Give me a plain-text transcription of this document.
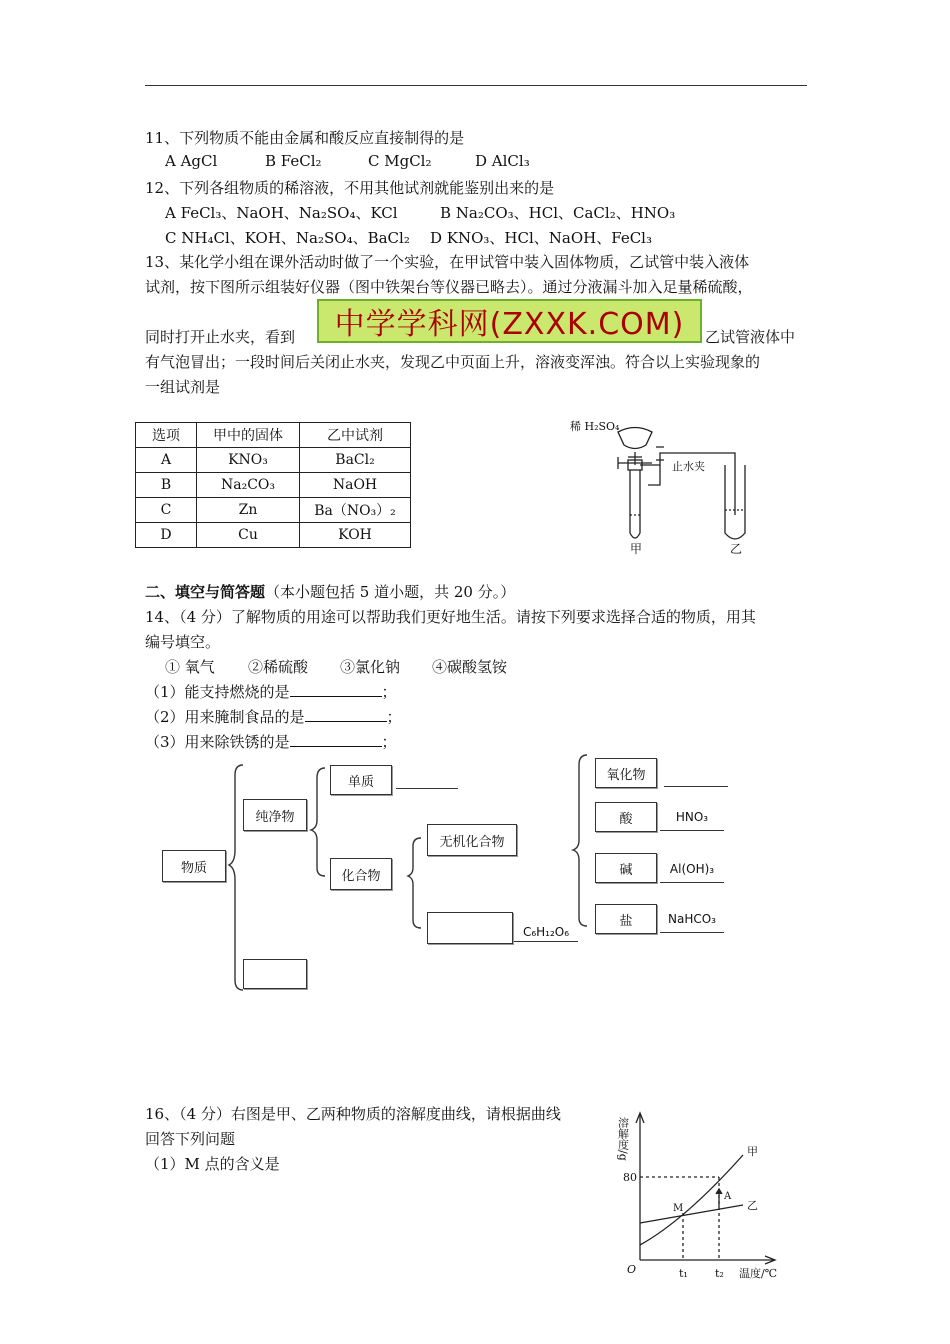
11、下列物质不能由金属和酸反应直接制得的是
A AgCl	B FeCl₂	C MgCl₂	D AlCl₃
12、下列各组物质的稀溶液，不用其他试剂就能鉴别出来的是
A FeCl₃、NaOH、Na₂SO₄、KCl	B Na₂CO₃、HCl、CaCl₂、HNO₃
C NH₄Cl、KOH、Na₂SO₄、BaCl₂ D KNO₃、HCl、NaOH、FeCl₃
13、某化学小组在课外活动时做了一个实验，在甲试管中装入固体物质，乙试管中装入液体
试剂，按下图所示组装好仪器（图中铁架台等仪器已略去）。通过分液漏斗加入足量稀硫酸，
同时打开止水夹，看到	乙试管液体中
有气泡冒出；一段时间后关闭止水夹，发现乙中页面上升，溶液变浑浊。符合以上实验现象的
一组试剂是
中学学科网(ZXXK.COM)
选项	甲中的固体	乙中试剂
A	KNO₃	BaCl₂
B	Na₂CO₃	NaOH
C	Zn	Ba（NO₃）₂
D	Cu	KOH
稀 H₂SO₄
止水夹
甲	乙
二、填空与简答题（本小题包括 5 道小题，共 20 分。）
14、（4 分）了解物质的用途可以帮助我们更好地生活。请按下列要求选择合适的物质，用其
编号填空。
① 氧气 ②稀硫酸 ③氯化钠 ④碳酸氢铵
（1）能支持燃烧的是	；
（2）用来腌制食品的是	；
（3）用来除铁锈的是	；
物质
纯净物
单质
化合物
无机化合物
C₆H₁₂O₆
氧化物
酸	HNO₃
碱	Al(OH)₃
盐	NaHCO₃
16、（4 分）右图是甲、乙两种物质的溶解度曲线，请根据曲线
回答下列问题
（1）M 点的含义是
溶解度/g
80
O	t₁ t₂ 温度/℃
甲
乙
M
A
